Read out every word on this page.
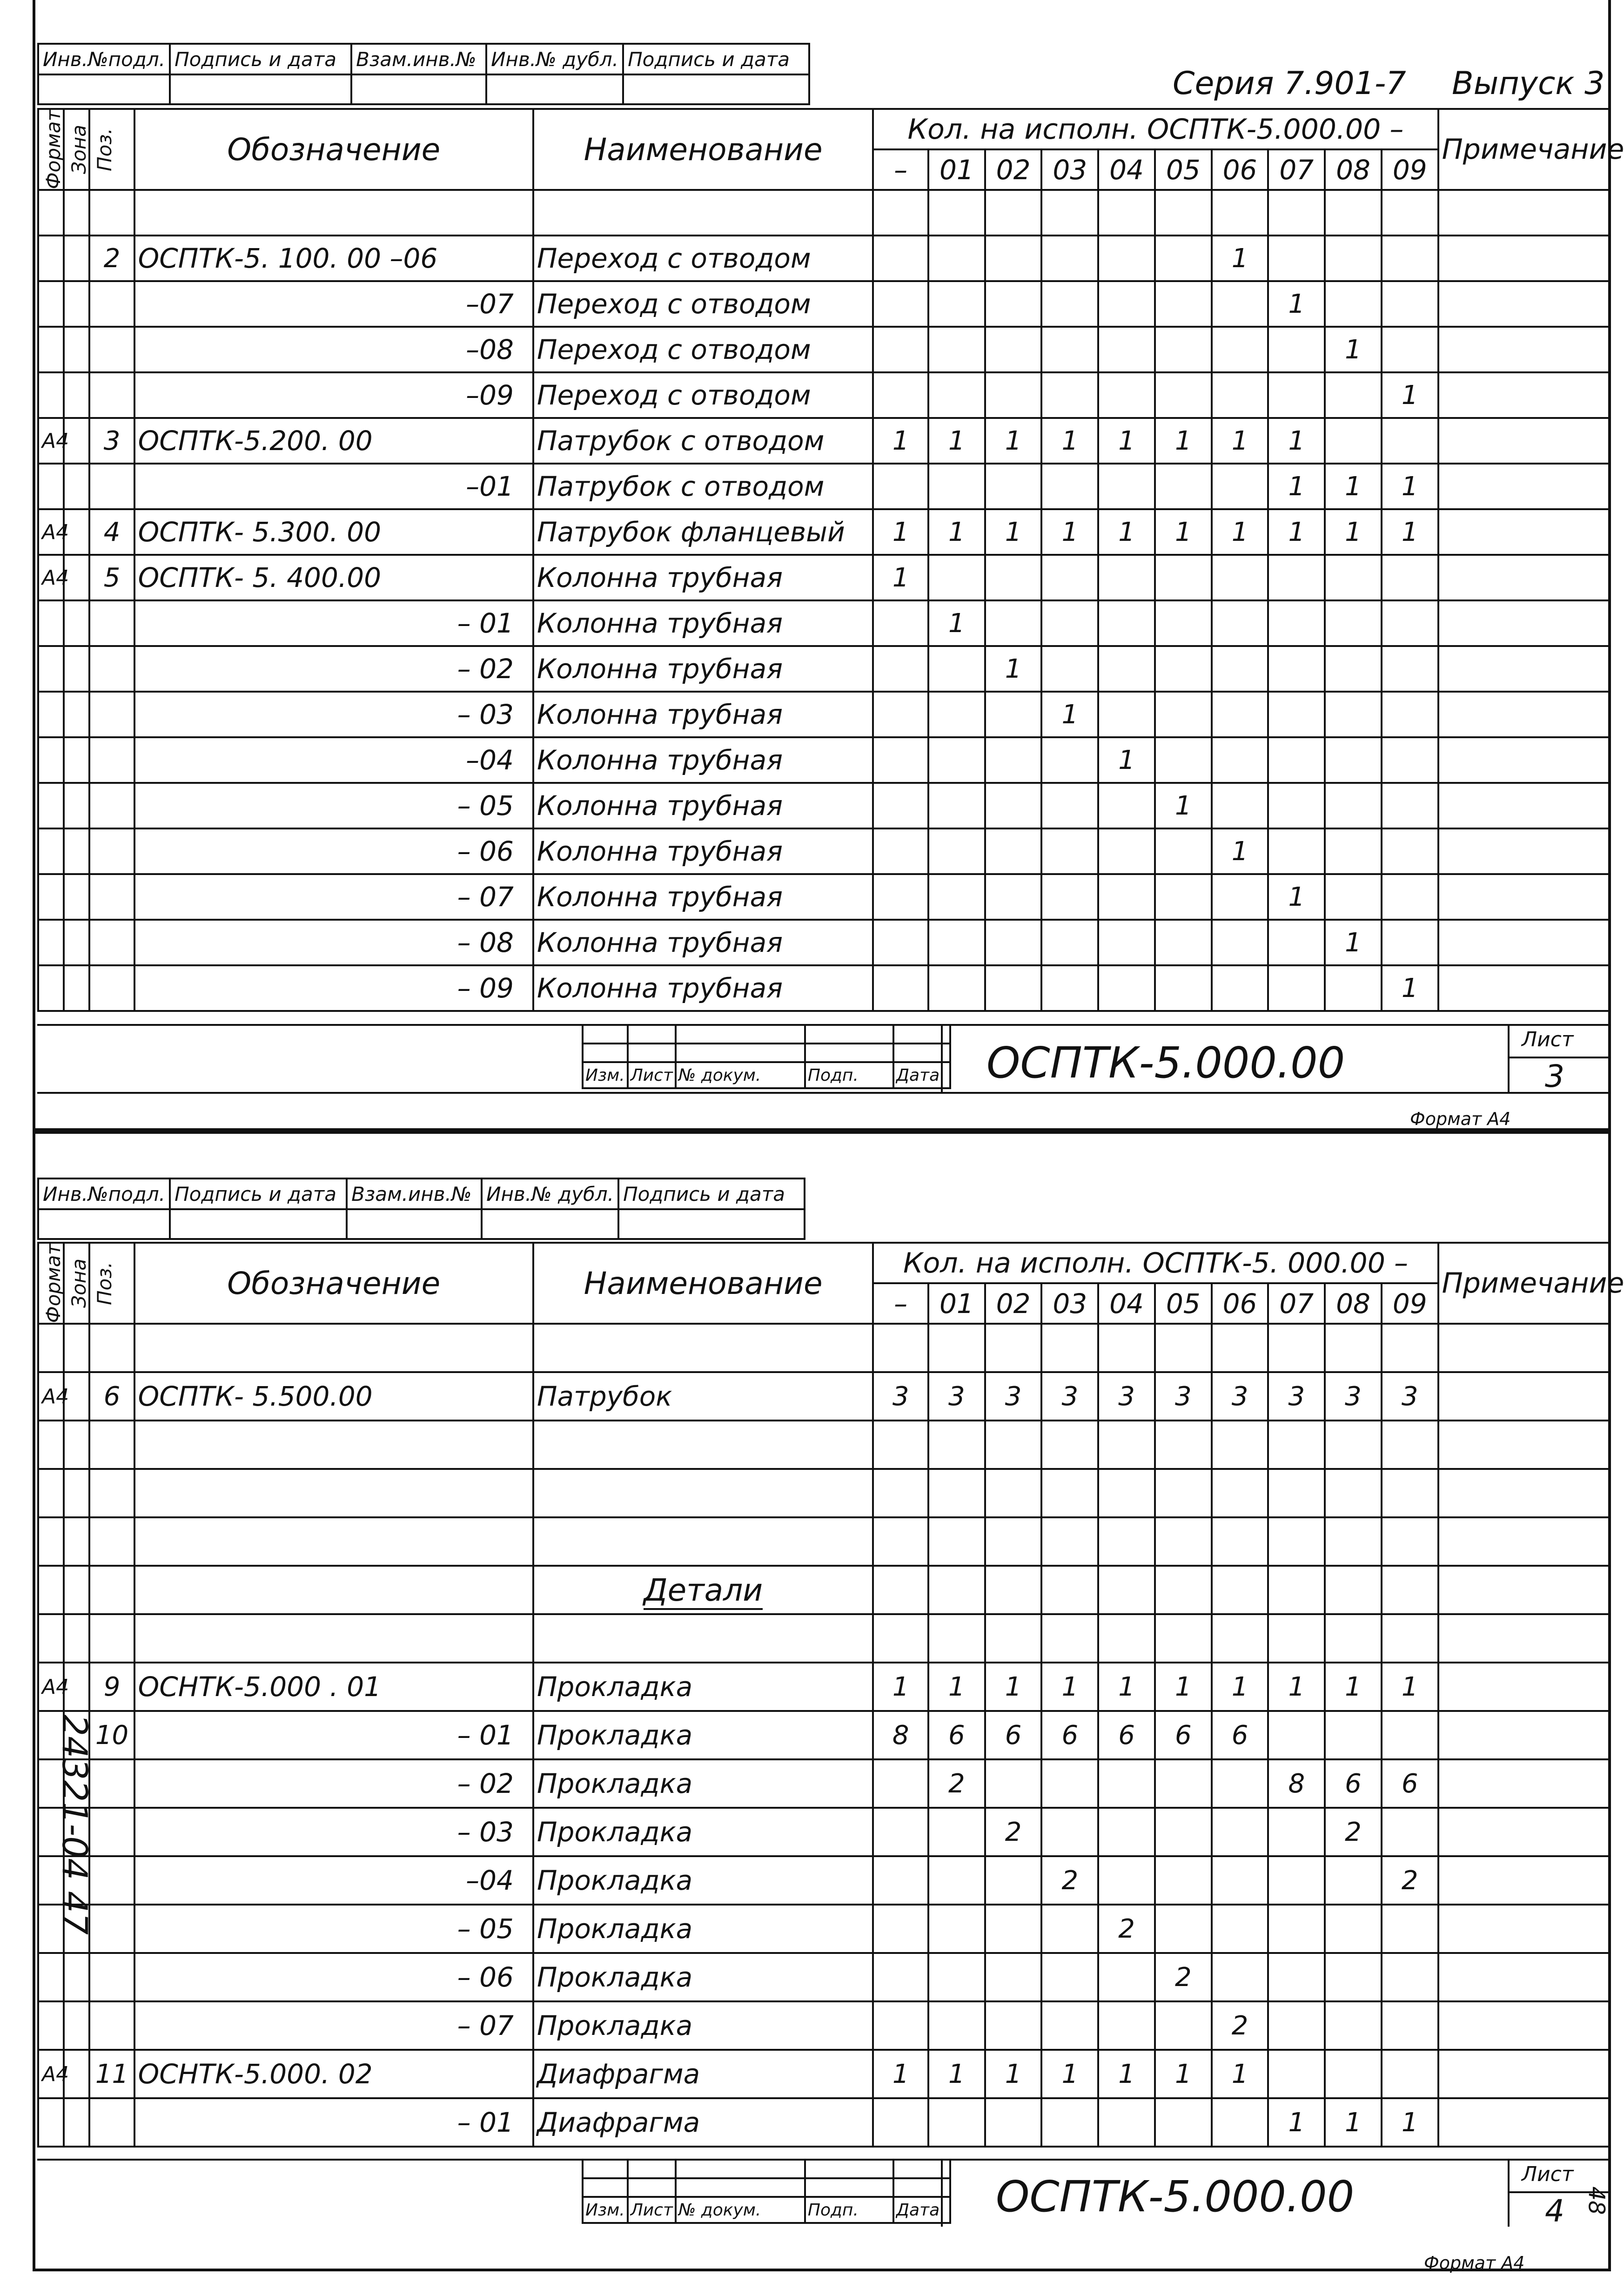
Инв.№подл.	Подпись и дата	Взам.инв.№	Инв.№ дубл.	Подпись и дата

Серия 7.901-7 Выпуск 3
Формат	Зона	Поз.	Обозначение	Наименование	Кол. на исполн. ОСПТК-5.000.00 –										Примечание
					–	01	02	03	04	05	06	07	08	09	

		2	ОСПТК-5. 100. 00 –06	Переход с отводом							1				
			–07	Переход с отводом								1			
			–08	Переход с отводом									1		
			–09	Переход с отводом										1	
А4		3	ОСПТК-5.200. 00	Патрубок с отводом	1	1	1	1	1	1	1	1			
			–01	Патрубок с отводом								1	1	1	
А4		4	ОСПТК- 5.300. 00	Патрубок фланцевый	1	1	1	1	1	1	1	1	1	1	
А4		5	ОСПТК- 5. 400.00	Колонна трубная	1										
			– 01	Колонна трубная		1									
			– 02	Колонна трубная			1								
			– 03	Колонна трубная				1							
			–04	Колонна трубная					1						
			– 05	Колонна трубная						1					
			– 06	Колонна трубная							1				
			– 07	Колонна трубная								1			
			– 08	Колонна трубная									1		
			– 09	Колонна трубная										1	

Изм.	Лист	№ докум.	Подп.	Дата ОСПТК-5.000.00	Лист
3
Формат А4
Инв.№подл.	Подпись и дата	Взам.инв.№	Инв.№ дубл.	Подпись и дата

Формат	Зона	Поз.	Обозначение	Наименование	Кол. на исполн. ОСПТК-5. 000.00 –										Примечание
					–	01	02	03	04	05	06	07	08	09	

А4		6	ОСПТК- 5.500.00	Патрубок	3	3	3	3	3	3	3	3	3	3	

				Детали											

А4		9	ОСНТК-5.000 . 01	Прокладка	1	1	1	1	1	1	1	1	1	1	
		10	– 01	Прокладка	8	6	6	6	6	6	6				
			– 02	Прокладка		2						8	6	6	
			– 03	Прокладка			2						2		
			–04	Прокладка				2						2	
			– 05	Прокладка					2						
			– 06	Прокладка						2					
			– 07	Прокладка							2				
А4		11	ОСНТК-5.000. 02	Диафрагма	1	1	1	1	1	1	1				
			– 01	Диафрагма								1	1	1	

Изм.	Лист	№ докум.	Подп.	Дата ОСПТК-5.000.00	Лист
4
Формат А4
24321-04 47
48
